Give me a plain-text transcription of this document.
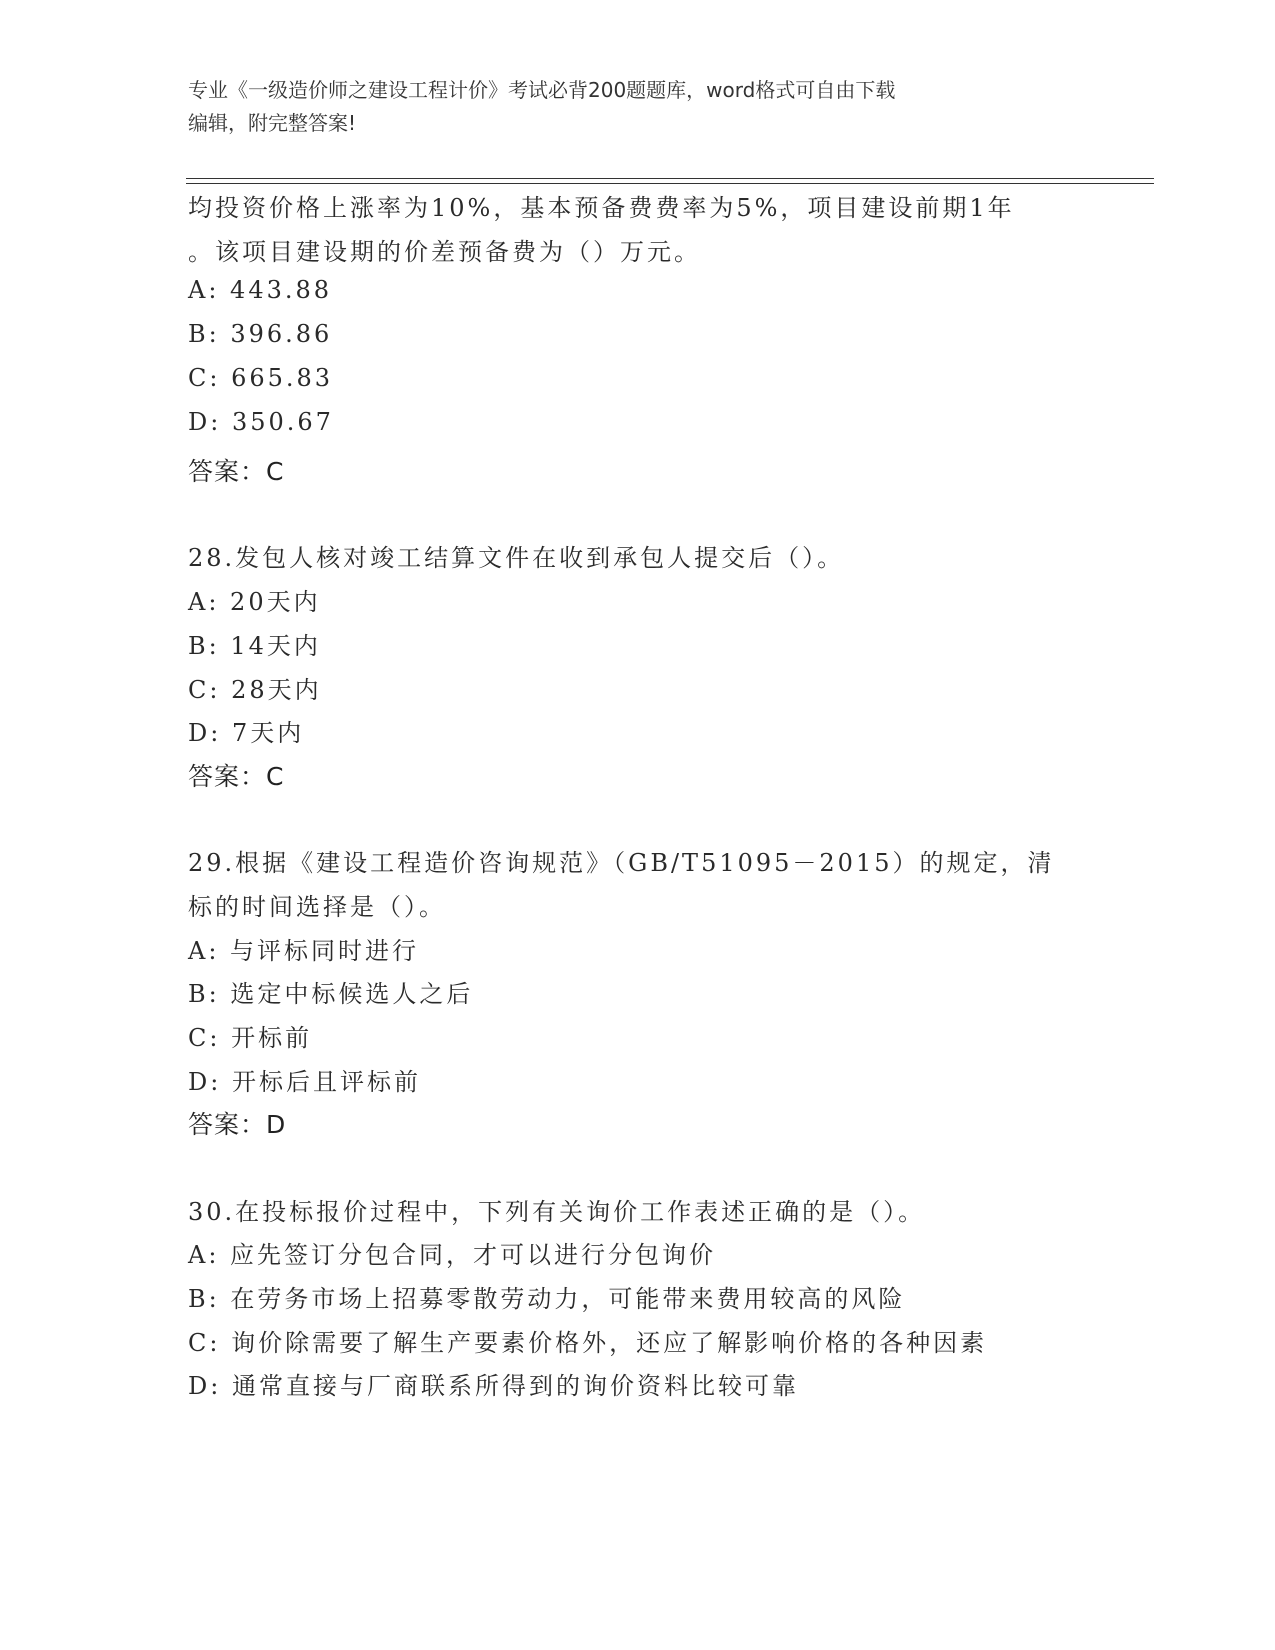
专业《一级造价师之建设工程计价》考试必背200题题库，word格式可自由下载
编辑，附完整答案!
均投资价格上涨率为10%，基本预备费费率为5%，项目建设前期1年
。该项目建设期的价差预备费为（）万元。
A: 443.88
B: 396.86
C: 665.83
D: 350.67
答案：C
28.发包人核对竣工结算文件在收到承包人提交后（）。
A: 20天内
B: 14天内
C: 28天内
D: 7天内
答案：C
29.根据《建设工程造价咨询规范》（GB/T51095－2015）的规定，清
标的时间选择是（）。
A: 与评标同时进行
B: 选定中标候选人之后
C: 开标前
D: 开标后且评标前
答案：D
30.在投标报价过程中，下列有关询价工作表述正确的是（）。
A: 应先签订分包合同，才可以进行分包询价
B: 在劳务市场上招募零散劳动力，可能带来费用较高的风险
C: 询价除需要了解生产要素价格外，还应了解影响价格的各种因素
D: 通常直接与厂商联系所得到的询价资料比较可靠
